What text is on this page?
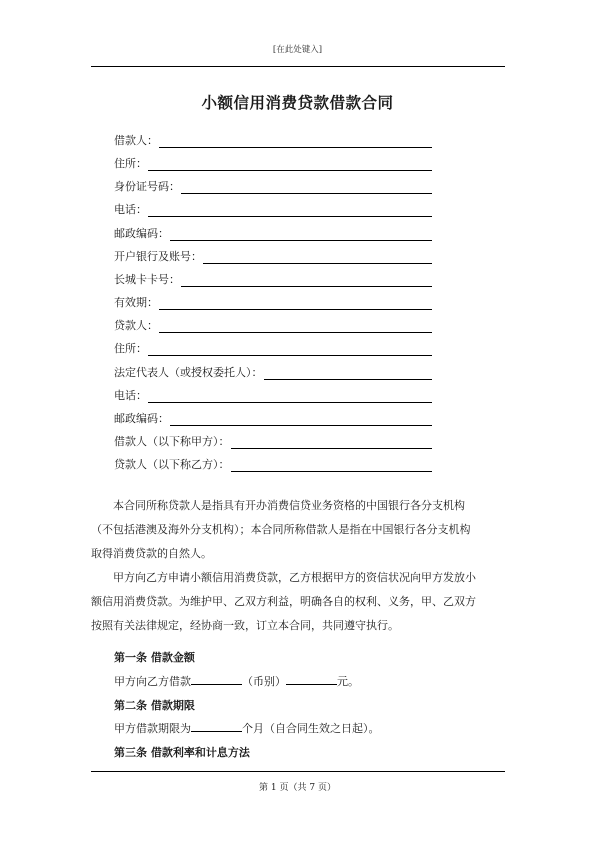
[在此处键入]
小额信用消费贷款借款合同
借款人：
住所：
身份证号码：
电话：
邮政编码：
开户银行及账号：
长城卡卡号：
有效期：
贷款人：
住所：
法定代表人（或授权委托人）：
电话：
邮政编码：
借款人（以下称甲方）：
贷款人（以下称乙方）：

本合同所称贷款人是指具有开办消费信贷业务资格的中国银行各分支机构

（不包括港澳及海外分支机构）；本合同所称借款人是指在中国银行各分支机构

取得消费贷款的自然人。

甲方向乙方申请小额信用消费贷款，乙方根据甲方的资信状况向甲方发放小

额信用消费贷款。为维护甲、乙双方利益，明确各自的权利、义务，甲、乙双方

按照有关法律规定，经协商一致，订立本合同，共同遵守执行。

第一条 借款金额
甲方向乙方借款	（币别）	元。
第二条 借款期限
甲方借款期限为	个月（自合同生效之日起）。
第三条 借款利率和计息方法
第 1 页（共 7 页）
